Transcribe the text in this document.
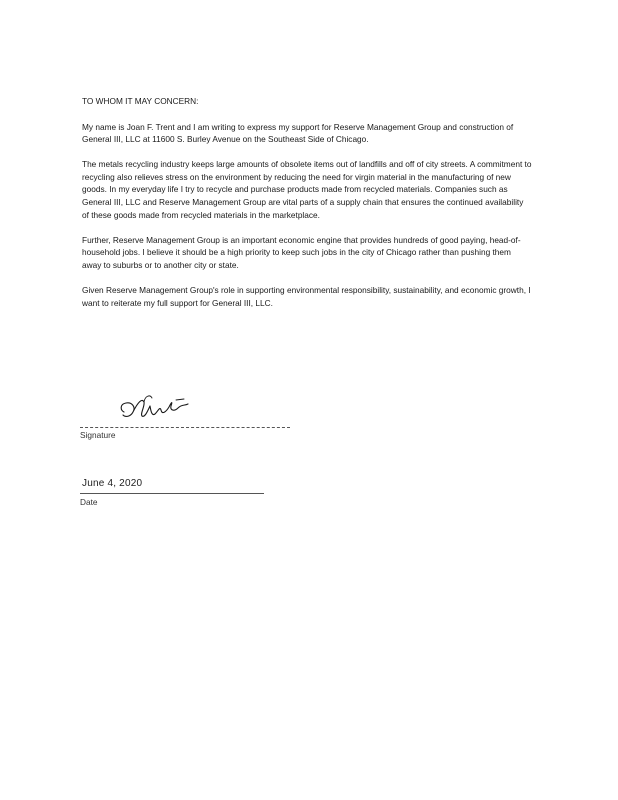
TO WHOM IT MAY CONCERN:

My name is Joan F. Trent and I am writing to express my support for Reserve Management Group and construction of General III, LLC at 11600 S. Burley Avenue on the Southeast Side of Chicago.

The metals recycling industry keeps large amounts of obsolete items out of landfills and off of city streets. A commitment to recycling also relieves stress on the environment by reducing the need for virgin material in the manufacturing of new goods. In my everyday life I try to recycle and purchase products made from recycled materials. Companies such as General III, LLC and Reserve Management Group are vital parts of a supply chain that ensures the continued availability of these goods made from recycled materials in the marketplace.

Further, Reserve Management Group is an important economic engine that provides hundreds of good paying, head-of-household jobs. I believe it should be a high priority to keep such jobs in the city of Chicago rather than pushing them away to suburbs or to another city or state.

Given Reserve Management Group's role in supporting environmental responsibility, sustainability, and economic growth, I want to reiterate my full support for General III, LLC.

Signature
June 4, 2020
Date
